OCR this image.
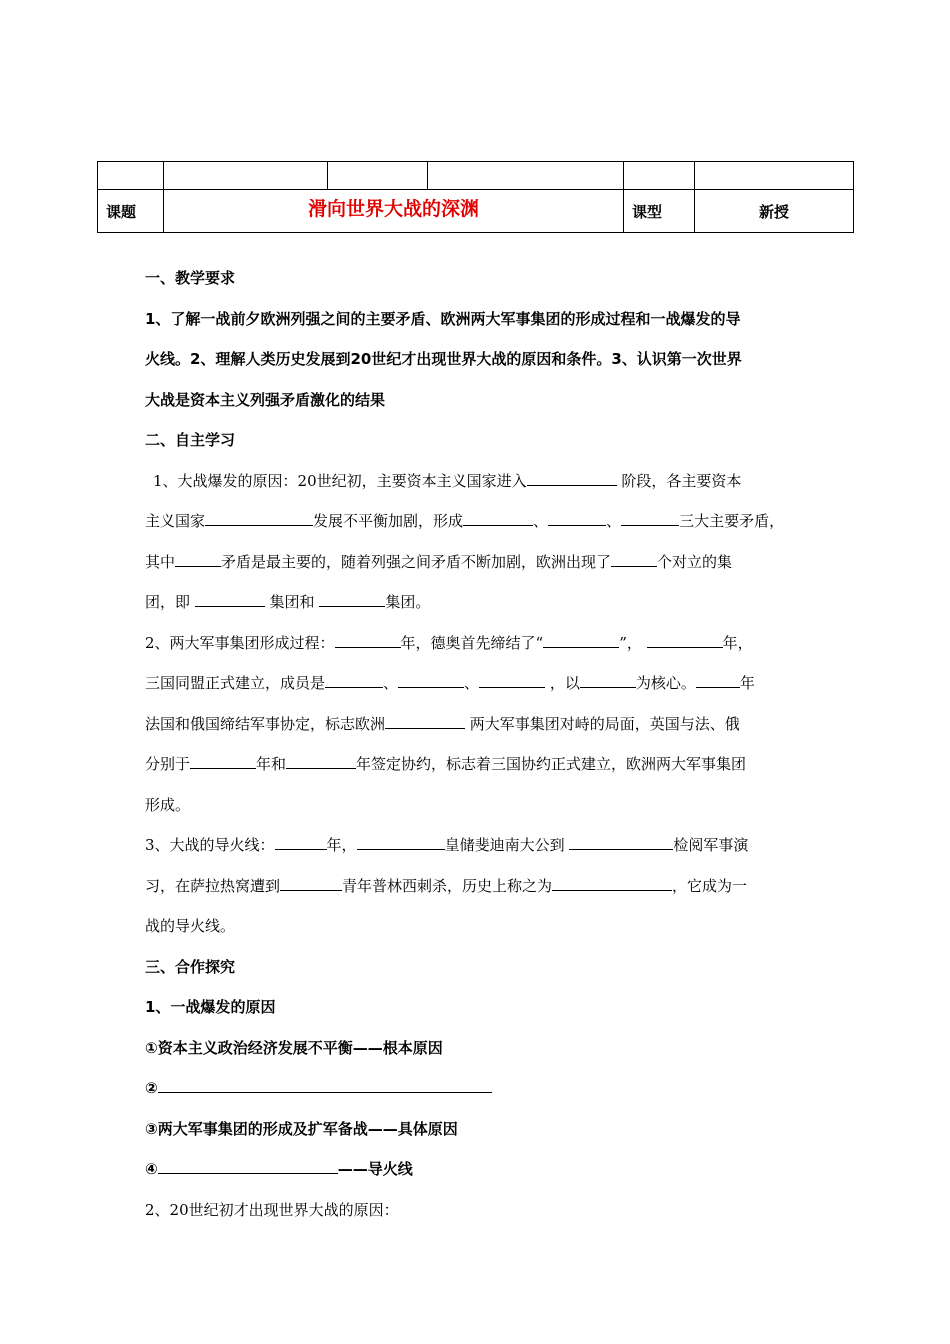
课题	滑向世界大战的深渊			课型	新授
一、教学要求
1、了解一战前夕欧洲列强之间的主要矛盾、欧洲两大军事集团的形成过程和一战爆发的导
火线。2、理解人类历史发展到20世纪才出现世界大战的原因和条件。3、认识第一次世界
大战是资本主义列强矛盾激化的结果
二、自主学习
1、大战爆发的原因：20世纪初，主要资本主义国家进入	阶段，各主要资本
主义国家	发展不平衡加剧，形成	、	、	三大主要矛盾，
其中	矛盾是最主要的，随着列强之间矛盾不断加剧，欧洲出现了	个对立的集
团，即	集团和	集团。
2、两大军事集团形成过程：	年，德奥首先缔结了“	”，	年，
三国同盟正式建立，成员是	、	、	，以	为核心。	年
法国和俄国缔结军事协定，标志欧洲	两大军事集团对峙的局面，英国与法、俄
分别于	年和	年签定协约，标志着三国协约正式建立，欧洲两大军事集团
形成。
3、大战的导火线：	年，	皇储斐迪南大公到	检阅军事演
习，在萨拉热窝遭到	青年普林西刺杀，历史上称之为	，它成为一
战的导火线。
三、合作探究
1、一战爆发的原因
①资本主义政治经济发展不平衡——根本原因
②
③两大军事集团的形成及扩军备战——具体原因
④	——导火线
2、20世纪初才出现世界大战的原因：
